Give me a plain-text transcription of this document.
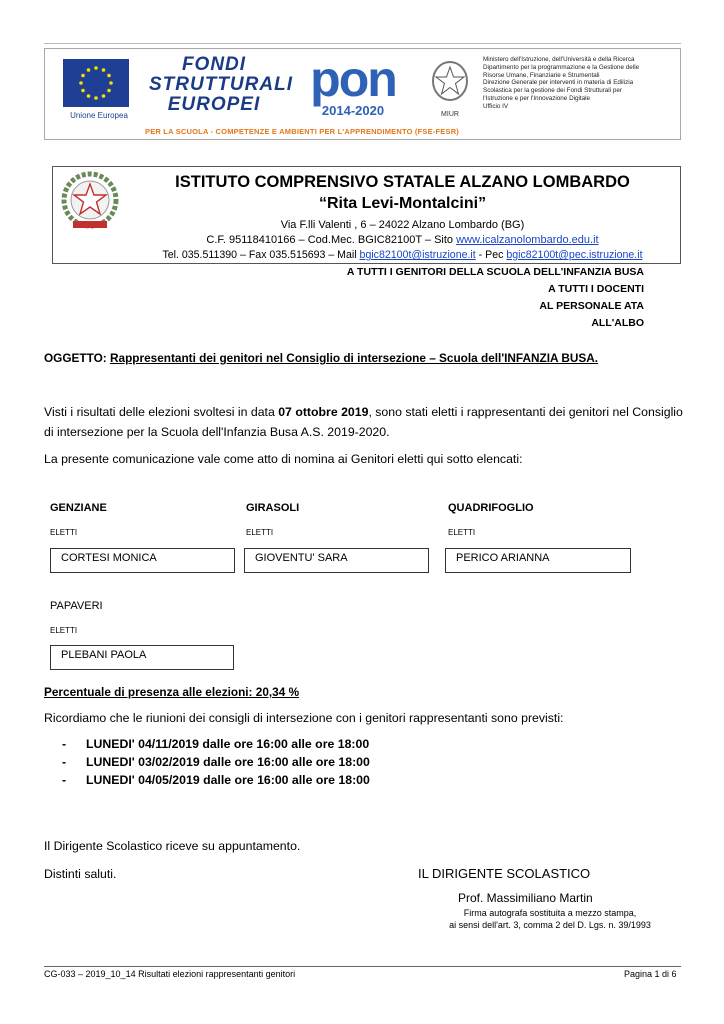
Unione Europea
FONDI
STRUTTURALI
EUROPEI pon
2014-2020
PER LA SCUOLA - COMPETENZE E AMBIENTI PER L'APPRENDIMENTO (FSE-FESR)
MIUR
Ministero dell'Istruzione, dell'Università e della Ricerca
Dipartimento per la programmazione e la Gestione delle
Risorse Umane, Finanziarie e Strumentali
Direzione Generale per interventi in materia di Edilizia
Scolastica per la gestione dei Fondi Strutturali per
l'Istruzione e per l'Innovazione Digitale
Ufficio IV
ISTITUTO COMPRENSIVO STATALE ALZANO LOMBARDO
“Rita Levi-Montalcini”
Via F.lli Valenti , 6 – 24022 Alzano Lombardo (BG)
C.F. 95118410166 – Cod.Mec. BGIC82100T – Sito www.icalzanolombardo.edu.it
Tel. 035.511390 – Fax 035.515693 – Mail bgic82100t@istruzione.it - Pec bgic82100t@pec.istruzione.it
A TUTTI I GENITORI DELLA SCUOLA DELL'INFANZIA BUSA
A TUTTI I DOCENTI
AL PERSONALE ATA
ALL'ALBO
OGGETTO: Rappresentanti dei genitori nel Consiglio di intersezione – Scuola dell'INFANZIA BUSA.
Visti i risultati delle elezioni svoltesi in data 07 ottobre 2019, sono stati eletti i rappresentanti dei genitori nel Consiglio
di intersezione per la Scuola dell'Infanzia Busa A.S. 2019-2020.
La presente comunicazione vale come atto di nomina ai Genitori eletti qui sotto elencati:
GENZIANE
ELETTI
CORTESI MONICA
GIRASOLI
ELETTI
GIOVENTU' SARA
QUADRIFOGLIO
ELETTI
PERICO ARIANNA
PAPAVERI
ELETTI
PLEBANI PAOLA
Percentuale di presenza alle elezioni: 20,34 %
Ricordiamo che le riunioni dei consigli di intersezione con i genitori rappresentanti sono previsti:
- LUNEDI' 04/11/2019 dalle ore 16:00 alle ore 18:00
- LUNEDI' 03/02/2019 dalle ore 16:00 alle ore 18:00
- LUNEDI' 04/05/2019 dalle ore 16:00 alle ore 18:00
Il Dirigente Scolastico riceve su appuntamento.
Distinti saluti.	IL DIRIGENTE SCOLASTICO
Prof. Massimiliano Martin
Firma autografa sostituita a mezzo stampa,
ai sensi dell'art. 3, comma 2 del D. Lgs. n. 39/1993
CG-033 – 2019_10_14 Risultati elezioni rappresentanti genitori	Pagina 1 di 6
